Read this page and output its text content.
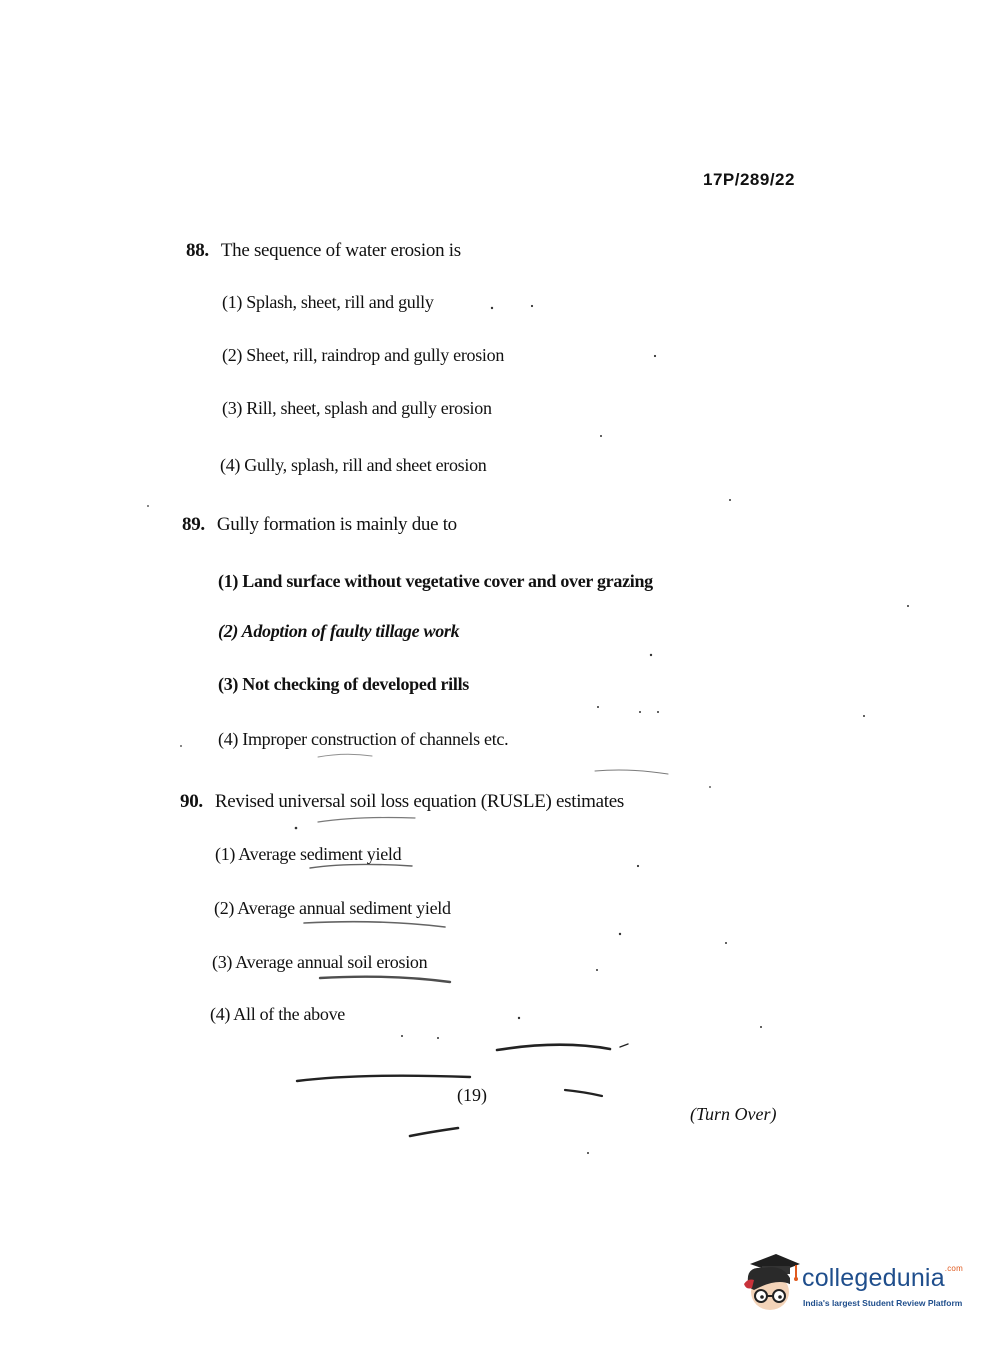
17P/289/22
88. The sequence of water erosion is
(1) Splash, sheet, rill and gully
(2) Sheet, rill, raindrop and gully erosion
(3) Rill, sheet, splash and gully erosion
(4) Gully, splash, rill and sheet erosion
89. Gully formation is mainly due to
(1) Land surface without vegetative cover and over grazing
(2) Adoption of faulty tillage work
(3) Not checking of developed rills
(4) Improper construction of channels etc.
90. Revised universal soil loss equation (RUSLE) estimates
(1) Average sediment yield
(2) Average annual sediment yield
(3) Average annual soil erosion
(4) All of the above
(19)
(Turn Over)
collegedunia$^{.com}$
India's largest Student Review Platform
